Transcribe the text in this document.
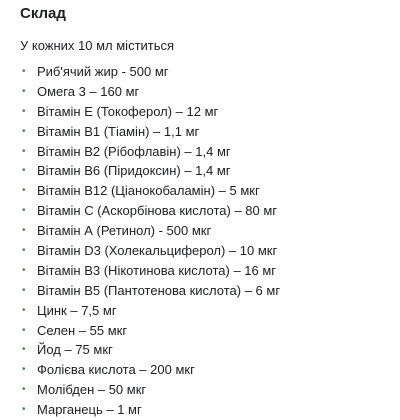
Склад

У кожних 10 мл міститься

• Риб'ячий жир - 500 мг
• Омега 3 – 160 мг
• Вітамін Е (Токоферол) – 12 мг
• Вітамін В1 (Тіамін) – 1,1 мг
• Вітамін В2 (Рібофлавін) – 1,4 мг
• Вітамін В6 (Піридоксин) – 1,4 мг
• Вітамін В12 (Ціанокобаламін) – 5 мкг
• Вітамін С (Аскорбінова кислота) – 80 мг
• Вітамін А (Ретинол) - 500 мкг
• Вітамін D3 (Холекальциферол) – 10 мкг
• Вітамін В3 (Нікотинова кислота) – 16 мг
• Вітамін В5 (Пантотенова кислота) – 6 мг
• Цинк – 7,5 мг
• Селен – 55 мкг
• Йод – 75 мкг
• Фолієва кислота – 200 мкг
• Молібден – 50 мкг
• Марганець – 1 мг
